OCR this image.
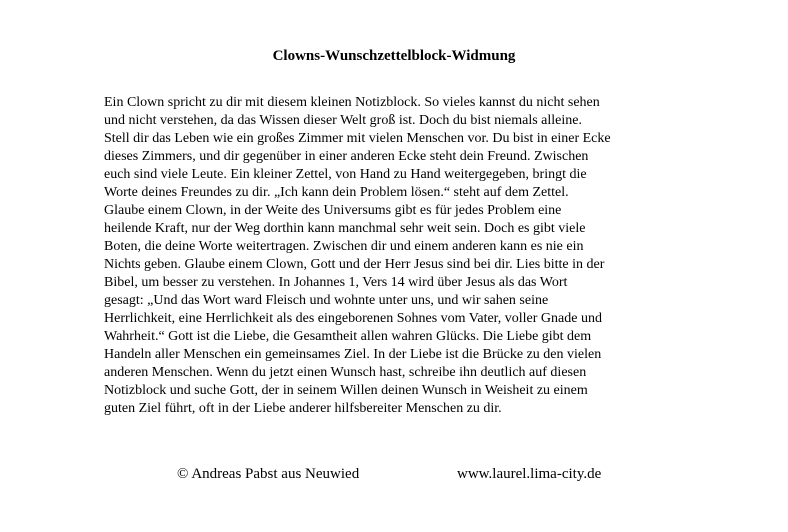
Clowns-Wunschzettelblock-Widmung
Ein Clown spricht zu dir mit diesem kleinen Notizblock. So vieles kannst du nicht sehen
und nicht verstehen, da das Wissen dieser Welt groß ist. Doch du bist niemals alleine.
Stell dir das Leben wie ein großes Zimmer mit vielen Menschen vor. Du bist in einer Ecke
dieses Zimmers, und dir gegenüber in einer anderen Ecke steht dein Freund. Zwischen
euch sind viele Leute. Ein kleiner Zettel, von Hand zu Hand weitergegeben, bringt die
Worte deines Freundes zu dir. „Ich kann dein Problem lösen.“ steht auf dem Zettel.
Glaube einem Clown, in der Weite des Universums gibt es für jedes Problem eine
heilende Kraft, nur der Weg dorthin kann manchmal sehr weit sein. Doch es gibt viele
Boten, die deine Worte weitertragen. Zwischen dir und einem anderen kann es nie ein
Nichts geben. Glaube einem Clown, Gott und der Herr Jesus sind bei dir. Lies bitte in der
Bibel, um besser zu verstehen. In Johannes 1, Vers 14 wird über Jesus als das Wort
gesagt: „Und das Wort ward Fleisch und wohnte unter uns, und wir sahen seine
Herrlichkeit, eine Herrlichkeit als des eingeborenen Sohnes vom Vater, voller Gnade und
Wahrheit.“ Gott ist die Liebe, die Gesamtheit allen wahren Glücks. Die Liebe gibt dem
Handeln aller Menschen ein gemeinsames Ziel. In der Liebe ist die Brücke zu den vielen
anderen Menschen. Wenn du jetzt einen Wunsch hast, schreibe ihn deutlich auf diesen
Notizblock und suche Gott, der in seinem Willen deinen Wunsch in Weisheit zu einem
guten Ziel führt, oft in der Liebe anderer hilfsbereiter Menschen zu dir.
© Andreas Pabst aus Neuwied	www.laurel.lima-city.de
